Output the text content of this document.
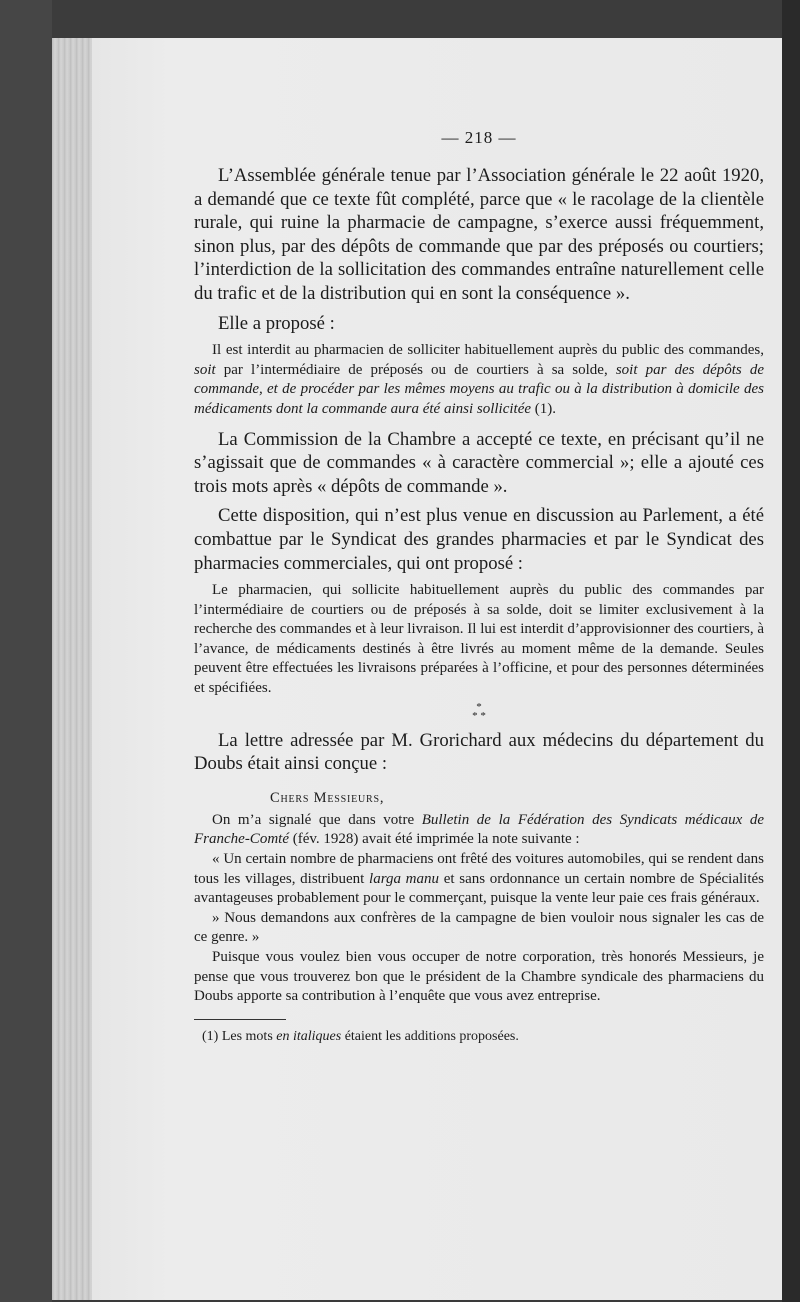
— 218 —

L’Assemblée générale tenue par l’Association générale le 22 août 1920, a demandé que ce texte fût complété, parce que « le racolage de la clientèle rurale, qui ruine la pharmacie de campagne, s’exerce aussi fréquemment, sinon plus, par des dépôts de commande que par des préposés ou courtiers; l’interdiction de la sollicitation des commandes entraîne naturellement celle du trafic et de la distribution qui en sont la conséquence ».

Elle a proposé :

Il est interdit au pharmacien de solliciter habituellement auprès du public des commandes, soit par l’intermédiaire de préposés ou de courtiers à sa solde, soit par des dépôts de commande, et de procéder par les mêmes moyens au trafic ou à la distribution à domicile des médicaments dont la commande aura été ainsi sollicitée (1).

La Commission de la Chambre a accepté ce texte, en précisant qu’il ne s’agissait que de commandes « à caractère commercial »; elle a ajouté ces trois mots après « dépôts de commande ».

Cette disposition, qui n’est plus venue en discussion au Parlement, a été combattue par le Syndicat des grandes pharmacies et par le Syndicat des pharmacies commerciales, qui ont proposé :

Le pharmacien, qui sollicite habituellement auprès du public des commandes par l’intermédiaire de courtiers ou de préposés à sa solde, doit se limiter exclusivement à la recherche des commandes et à leur livraison. Il lui est interdit d’approvisionner des courtiers, à l’avance, de médicaments destinés à être livrés au moment même de la demande. Seules peuvent être effectuées les livraisons préparées à l’officine, et pour des personnes déterminées et spécifiées.

*
* *

La lettre adressée par M. Grorichard aux médecins du département du Doubs était ainsi conçue :

Chers Messieurs,

On m’a signalé que dans votre Bulletin de la Fédération des Syndicats médicaux de Franche-Comté (fév. 1928) avait été imprimée la note suivante :

« Un certain nombre de pharmaciens ont frêté des voitures automobiles, qui se rendent dans tous les villages, distribuent larga manu et sans ordonnance un certain nombre de Spécialités avantageuses probablement pour le commerçant, puisque la vente leur paie ces frais généraux.

» Nous demandons aux confrères de la campagne de bien vouloir nous signaler les cas de ce genre. »

Puisque vous voulez bien vous occuper de notre corporation, très honorés Messieurs, je pense que vous trouverez bon que le président de la Chambre syndicale des pharmaciens du Doubs apporte sa contribution à l’enquête que vous avez entreprise.

(1) Les mots en italiques étaient les additions proposées.
